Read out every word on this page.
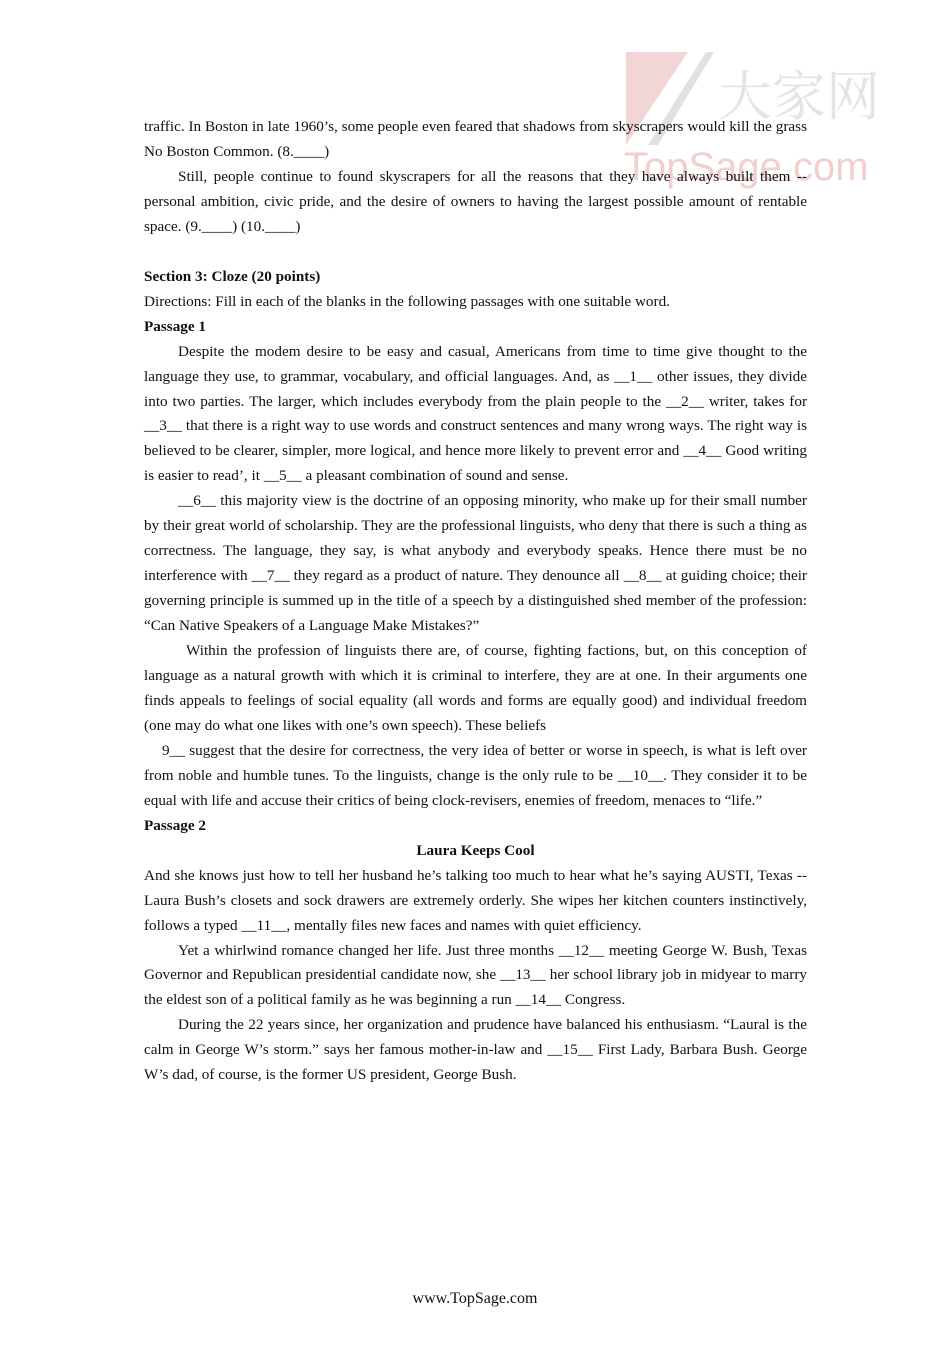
大家网
TopSage.com

traffic. In Boston in late 1960’s, some people even feared that shadows from skyscrapers would kill the grass No Boston Common. (8.____)

Still, people continue to found skyscrapers for all the reasons that they have always built them -- personal ambition, civic pride, and the desire of owners to having the largest possible amount of rentable space. (9.____) (10.____)

Section 3: Cloze (20 points)

Directions: Fill in each of the blanks in the following passages with one suitable word.

Passage 1

Despite the modem desire to be easy and casual, Americans from time to time give thought to the language they use, to grammar, vocabulary, and official languages. And, as __1__ other issues, they divide into two parties. The larger, which includes everybody from the plain people to the __2__ writer, takes for __3__ that there is a right way to use words and construct sentences and many wrong ways. The right way is believed to be clearer, simpler, more logical, and hence more likely to prevent error and __4__ Good writing is easier to read’, it __5__ a pleasant combination of sound and sense.

__6__ this majority view is the doctrine of an opposing minority, who make up for their small number by their great world of scholarship. They are the professional linguists, who deny that there is such a thing as correctness. The language, they say, is what anybody and everybody speaks. Hence there must be no interference with __7__ they regard as a product of nature. They denounce all __8__ at guiding choice; their governing principle is summed up in the title of a speech by a distinguished shed member of the profession: “Can Native Speakers of a Language Make Mistakes?”

Within the profession of linguists there are, of course, fighting factions, but, on this conception of language as a natural growth with which it is criminal to interfere, they are at one. In their arguments one finds appeals to feelings of social equality (all words and forms are equally good) and individual freedom (one may do what one likes with one’s own speech). These beliefs

9__ suggest that the desire for correctness, the very idea of better or worse in speech, is what is left over from noble and humble tunes. To the linguists, change is the only rule to be __10__. They consider it to be equal with life and accuse their critics of being clock-revisers, enemies of freedom, menaces to “life.”

Passage 2

Laura Keeps Cool

And she knows just how to tell her husband he’s talking too much to hear what he’s saying AUSTI, Texas -- Laura Bush’s closets and sock drawers are extremely orderly. She wipes her kitchen counters instinctively, follows a typed __11__, mentally files new faces and names with quiet efficiency.

Yet a whirlwind romance changed her life. Just three months __12__ meeting George W. Bush, Texas Governor and Republican presidential candidate now, she __13__ her school library job in midyear to marry the eldest son of a political family as he was beginning a run __14__ Congress.

During the 22 years since, her organization and prudence have balanced his enthusiasm. “Laural is the calm in George W’s storm.” says her famous mother-in-law and __15__ First Lady, Barbara Bush. George W’s dad, of course, is the former US president, George Bush.

www.TopSage.com
